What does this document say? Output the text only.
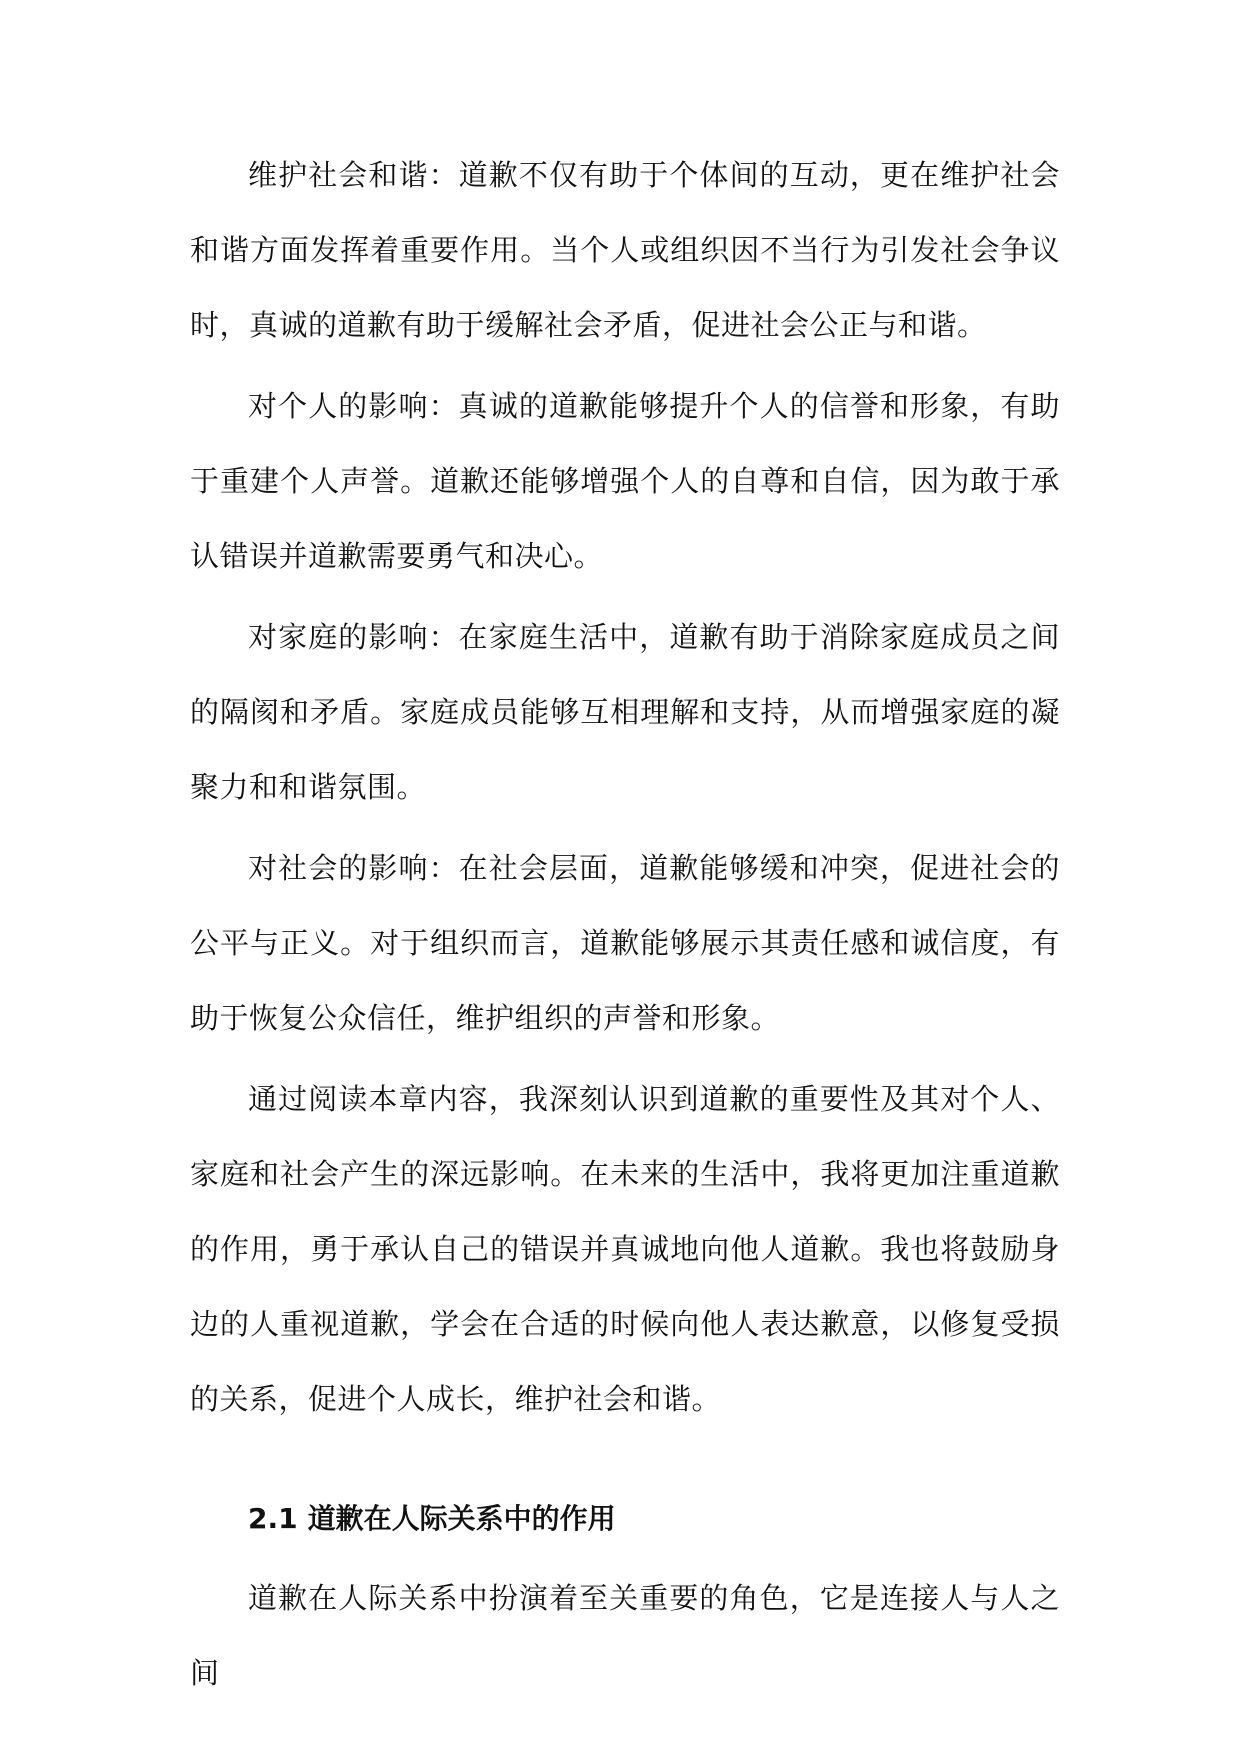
维护社会和谐：道歉不仅有助于个体间的互动，更在维护社会和谐方面发挥着重要作用。当个人或组织因不当行为引发社会争议时，真诚的道歉有助于缓解社会矛盾，促进社会公正与和谐。

对个人的影响：真诚的道歉能够提升个人的信誉和形象，有助于重建个人声誉。道歉还能够增强个人的自尊和自信，因为敢于承认错误并道歉需要勇气和决心。

对家庭的影响：在家庭生活中，道歉有助于消除家庭成员之间的隔阂和矛盾。家庭成员能够互相理解和支持，从而增强家庭的凝聚力和和谐氛围。

对社会的影响：在社会层面，道歉能够缓和冲突，促进社会的公平与正义。对于组织而言，道歉能够展示其责任感和诚信度，有助于恢复公众信任，维护组织的声誉和形象。

通过阅读本章内容，我深刻认识到道歉的重要性及其对个人、家庭和社会产生的深远影响。在未来的生活中，我将更加注重道歉的作用，勇于承认自己的错误并真诚地向他人道歉。我也将鼓励身边的人重视道歉，学会在合适的时候向他人表达歉意，以修复受损的关系，促进个人成长，维护社会和谐。

2.1 道歉在人际关系中的作用

道歉在人际关系中扮演着至关重要的角色，它是连接人与人之间
